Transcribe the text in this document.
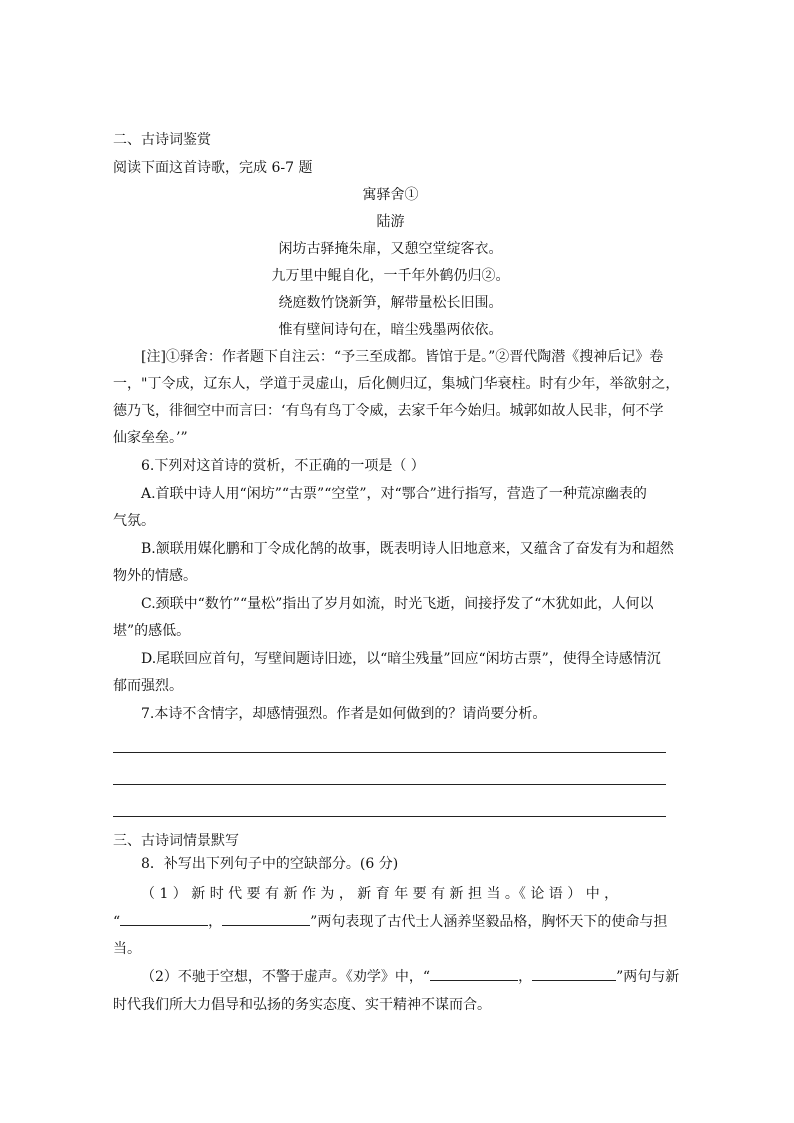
二、古诗词鉴赏
阅读下面这首诗歌，完成 6-7 题
寓驿舍①
陆游
闲坊古驿掩朱扉，又憩空堂绽客衣。
九万里中鲲自化，一千年外鹤仍归②。
绕庭数竹饶新笋，解带量松长旧围。
惟有壁间诗句在，暗尘残墨两依依。
[注]①驿舍：作者题下自注云：“予三至成都。皆馆于是。”②晋代陶潜《搜神后记》卷
一，"丁令成，辽东人，学道于灵虚山，后化侧归辽，集城门华衰柱。时有少年，举欲射之，
德乃飞，徘徊空中而言曰：‘有鸟有鸟丁令威，去家千年今始归。城郭如故人民非，何不学
仙家垒垒。’”
6.下列对这首诗的赏析，不正确的一项是（ ）
A.首联中诗人用“闲坊”“古票”“空堂”，对“鄂合”进行指写，营造了一种荒凉幽表的
气氛。
B.颔联用媒化鹏和丁令成化鹄的故事，既表明诗人旧地意来，又蕴含了奋发有为和超然
物外的情感。
C.颈联中“数竹”“量松”指出了岁月如流，时光飞逝，间接抒发了“木犹如此，人何以
堪”的感低。
D.尾联回应首句，写壁间题诗旧迹，以“暗尘残量”回应“闲坊古票”，使得全诗感情沉
郁而强烈。
7.本诗不含情字，却感情强烈。作者是如何做到的？请尚要分析。
三、古诗词情景默写
8．补写出下列句子中的空缺部分。(6 分)
（ 1 ） 新 时 代 要 有 新 作 为 ， 新 育 年 要 有 新 担 当 。《 论 语 ） 中 ，
“	，	”两句表现了古代士人涵养坚毅品格，胸怀天下的使命与担
当。
（2）不驰于空想，不警于虚声。《劝学》中，“	，	”两句与新
时代我们所大力倡导和弘扬的务实态度、实干精神不谋而合。
